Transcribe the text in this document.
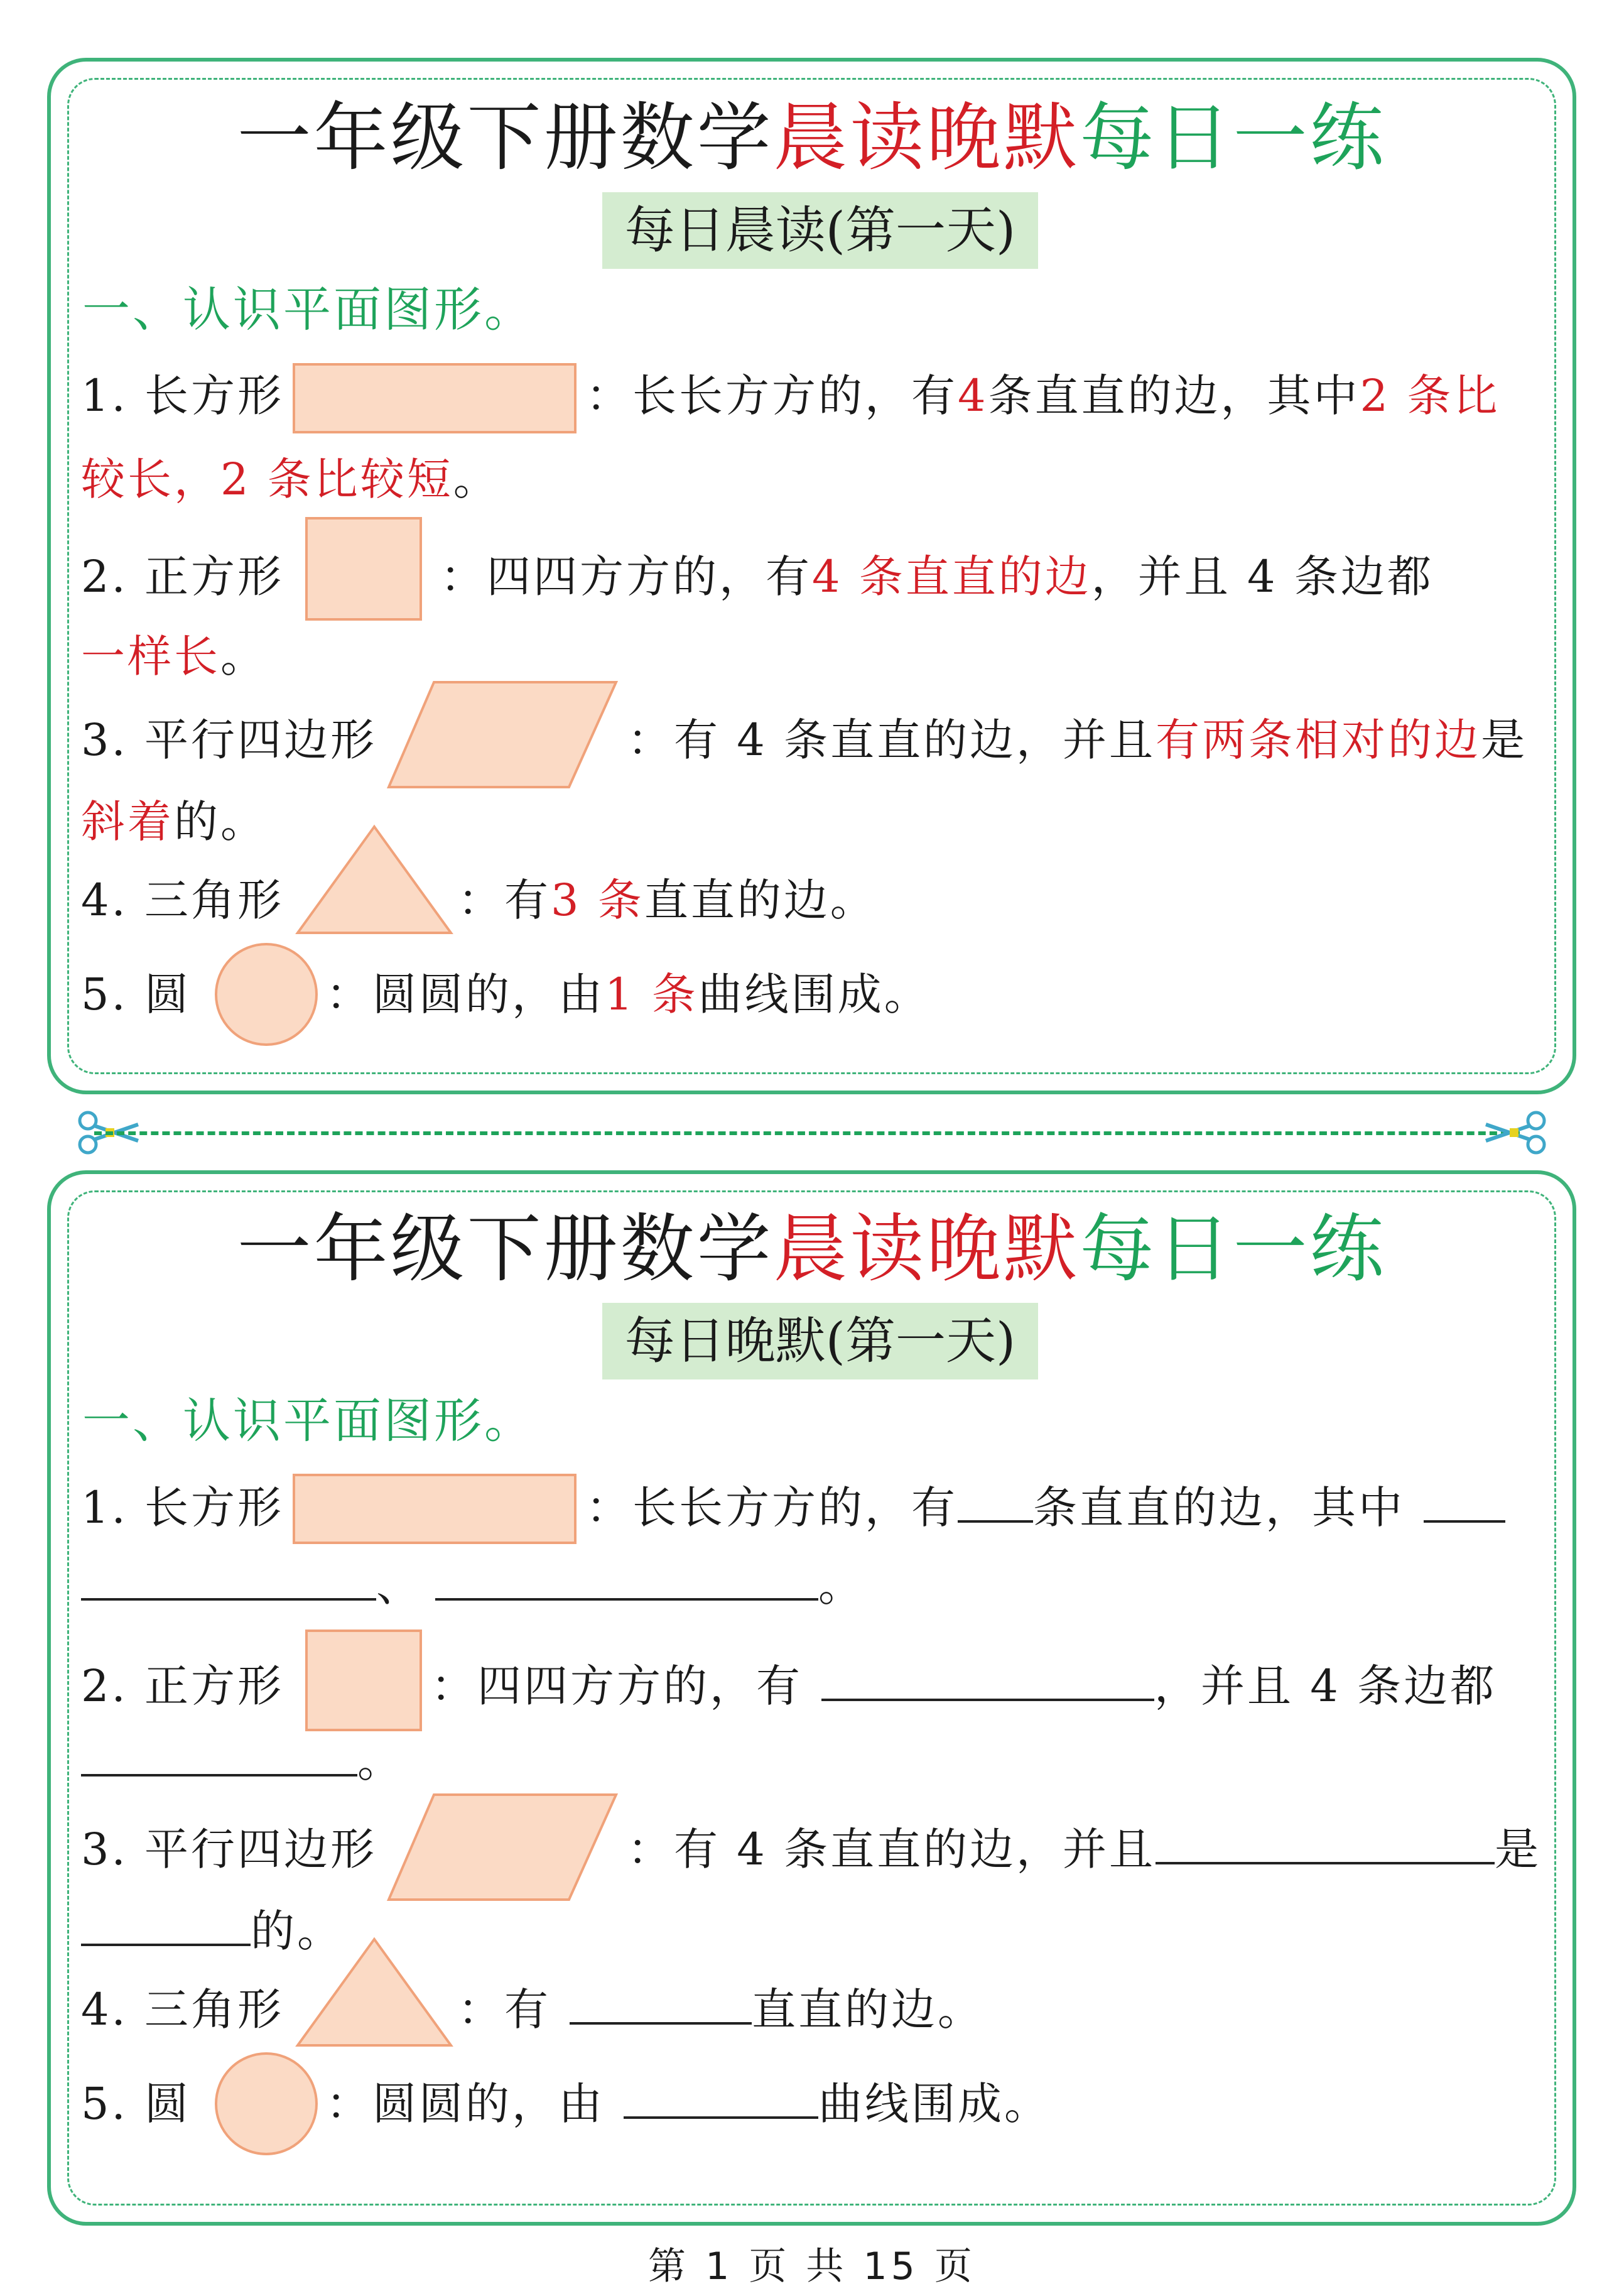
一年级下册数学晨读晚默每日一练
每日晨读(第一天)
一、认识平面图形。
1. 长方形	：长长方方的，有4条直直的边，其中2 条比
较长，2 条比较短。
2. 正方形	：四四方方的，有4 条直直的边，并且 4 条边都
一样长。
3. 平行四边形	：有 4 条直直的边，并且有两条相对的边是
斜着的。
4. 三角形	：有3 条直直的边。
5. 圆	：圆圆的，由1 条曲线围成。
一年级下册数学晨读晚默每日一练
每日晚默(第一天)
一、认识平面图形。
1. 长方形	：长长方方的，有 条直直的边，其中
、	。
2. 正方形	：四四方方的，有	，并且 4 条边都
。
3. 平行四边形	：有 4 条直直的边，并且	是
的。
4. 三角形	：有	直直的边。
5. 圆	：圆圆的，由	曲线围成。
第 1 页 共 15 页
